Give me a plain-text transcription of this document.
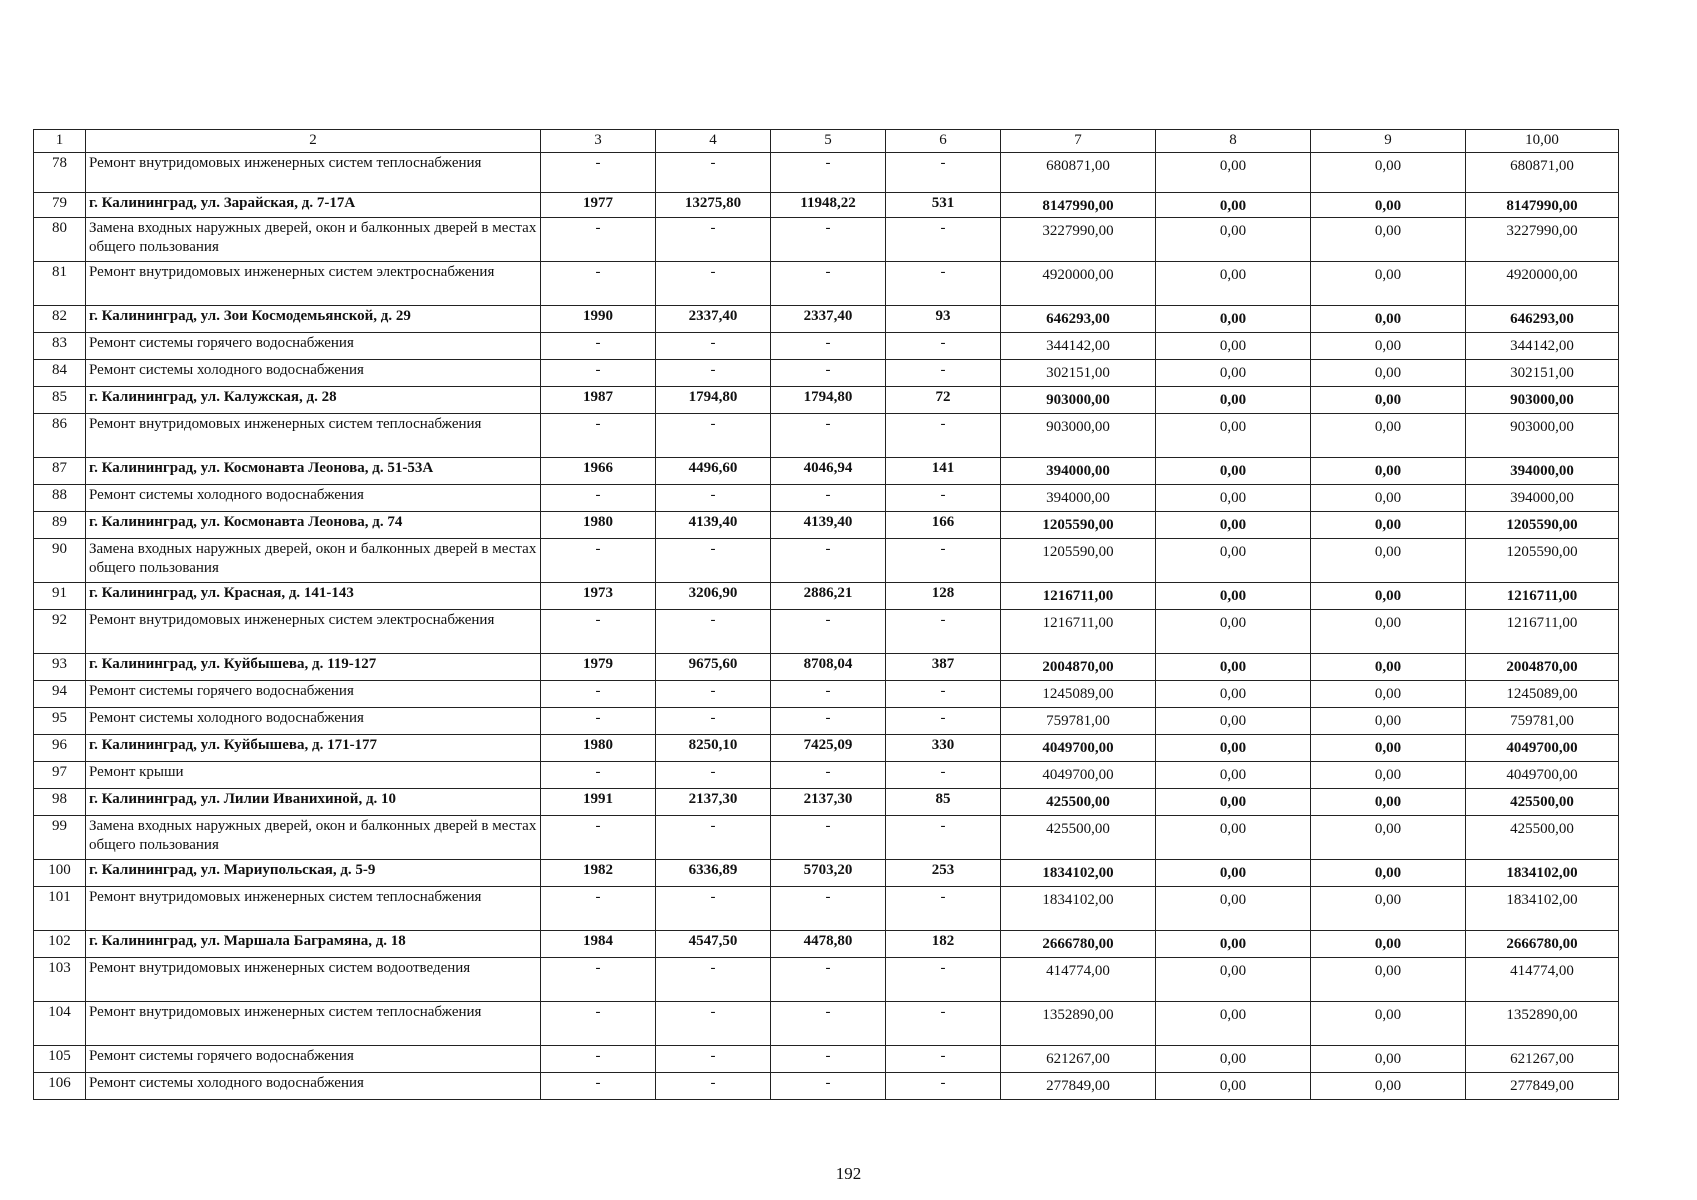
1	2	3	4	5	6	7	8	9	10,00
78	Ремонт внутридомовых инженерных систем теплоснабжения	-	-	-	-	680871,00	0,00	0,00	680871,00
79	г. Калининград, ул. Зарайская, д. 7-17А	1977	13275,80	11948,22	531	8147990,00	0,00	0,00	8147990,00
80	Замена входных наружных дверей, окон и балконных дверей в местах общего пользования	-	-	-	-	3227990,00	0,00	0,00	3227990,00
81	Ремонт внутридомовых инженерных систем электроснабжения	-	-	-	-	4920000,00	0,00	0,00	4920000,00
82	г. Калининград, ул. Зои Космодемьянской, д. 29	1990	2337,40	2337,40	93	646293,00	0,00	0,00	646293,00
83	Ремонт системы горячего водоснабжения	-	-	-	-	344142,00	0,00	0,00	344142,00
84	Ремонт системы холодного водоснабжения	-	-	-	-	302151,00	0,00	0,00	302151,00
85	г. Калининград, ул. Калужская, д. 28	1987	1794,80	1794,80	72	903000,00	0,00	0,00	903000,00
86	Ремонт внутридомовых инженерных систем теплоснабжения	-	-	-	-	903000,00	0,00	0,00	903000,00
87	г. Калининград, ул. Космонавта Леонова, д. 51-53А	1966	4496,60	4046,94	141	394000,00	0,00	0,00	394000,00
88	Ремонт системы холодного водоснабжения	-	-	-	-	394000,00	0,00	0,00	394000,00
89	г. Калининград, ул. Космонавта Леонова, д. 74	1980	4139,40	4139,40	166	1205590,00	0,00	0,00	1205590,00
90	Замена входных наружных дверей, окон и балконных дверей в местах общего пользования	-	-	-	-	1205590,00	0,00	0,00	1205590,00
91	г. Калининград, ул. Красная, д. 141-143	1973	3206,90	2886,21	128	1216711,00	0,00	0,00	1216711,00
92	Ремонт внутридомовых инженерных систем электроснабжения	-	-	-	-	1216711,00	0,00	0,00	1216711,00
93	г. Калининград, ул. Куйбышева, д. 119-127	1979	9675,60	8708,04	387	2004870,00	0,00	0,00	2004870,00
94	Ремонт системы горячего водоснабжения	-	-	-	-	1245089,00	0,00	0,00	1245089,00
95	Ремонт системы холодного водоснабжения	-	-	-	-	759781,00	0,00	0,00	759781,00
96	г. Калининград, ул. Куйбышева, д. 171-177	1980	8250,10	7425,09	330	4049700,00	0,00	0,00	4049700,00
97	Ремонт крыши	-	-	-	-	4049700,00	0,00	0,00	4049700,00
98	г. Калининград, ул. Лилии Иванихиной, д. 10	1991	2137,30	2137,30	85	425500,00	0,00	0,00	425500,00
99	Замена входных наружных дверей, окон и балконных дверей в местах общего пользования	-	-	-	-	425500,00	0,00	0,00	425500,00
100	г. Калининград, ул. Мариупольская, д. 5-9	1982	6336,89	5703,20	253	1834102,00	0,00	0,00	1834102,00
101	Ремонт внутридомовых инженерных систем теплоснабжения	-	-	-	-	1834102,00	0,00	0,00	1834102,00
102	г. Калининград, ул. Маршала Баграмяна, д. 18	1984	4547,50	4478,80	182	2666780,00	0,00	0,00	2666780,00
103	Ремонт внутридомовых инженерных систем водоотведения	-	-	-	-	414774,00	0,00	0,00	414774,00
104	Ремонт внутридомовых инженерных систем теплоснабжения	-	-	-	-	1352890,00	0,00	0,00	1352890,00
105	Ремонт системы горячего водоснабжения	-	-	-	-	621267,00	0,00	0,00	621267,00
106	Ремонт системы холодного водоснабжения	-	-	-	-	277849,00	0,00	0,00	277849,00
192
